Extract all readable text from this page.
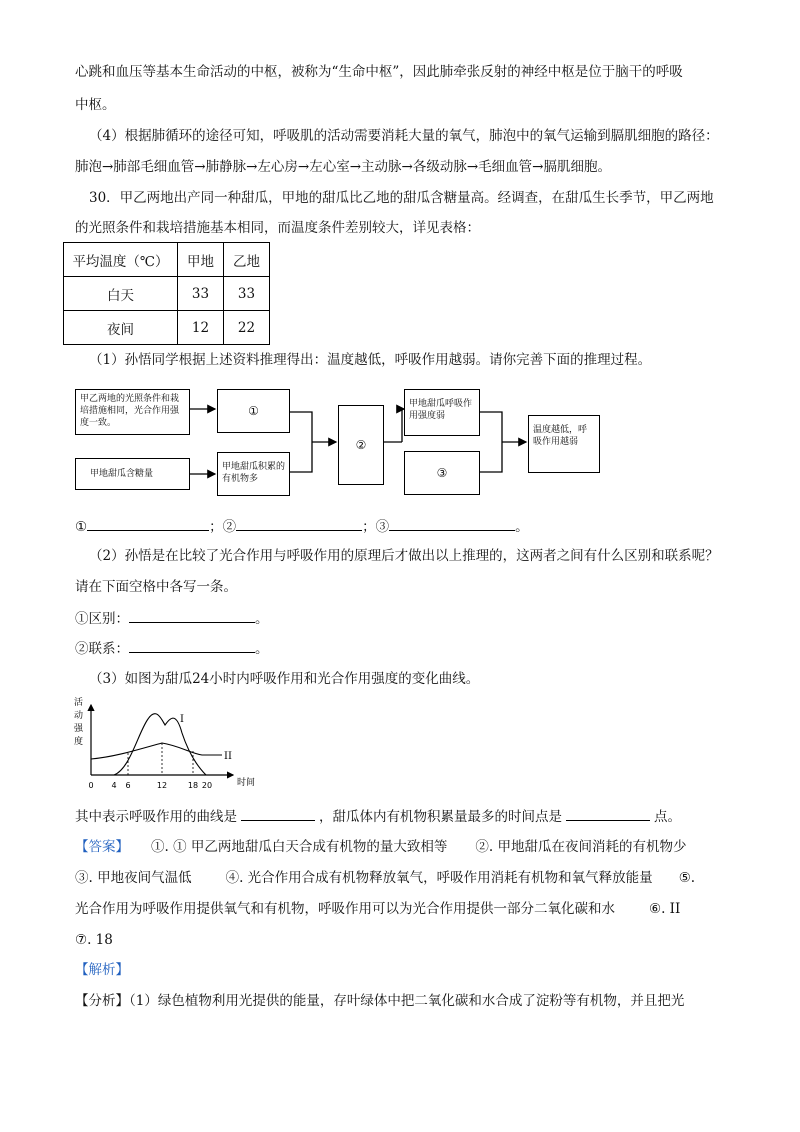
心跳和血压等基本生命活动的中枢，被称为“生命中枢”，因此肺牵张反射的神经中枢是位于脑干的呼吸
中枢。
（4）根据肺循环的途径可知，呼吸肌的活动需要消耗大量的氧气，肺泡中的氧气运输到膈肌细胞的路径：
肺泡→肺部毛细血管→肺静脉→左心房→左心室→主动脉→各级动脉→毛细血管→膈肌细胞。
30．甲乙两地出产同一种甜瓜，甲地的甜瓜比乙地的甜瓜含糖量高。经调查，在甜瓜生长季节，甲乙两地
的光照条件和栽培措施基本相同，而温度条件差别较大，详见表格：
平均温度（℃）	甲地	乙地
白天	33	33
夜间	12	22
（1）孙悟同学根据上述资料推理得出：温度越低，呼吸作用越弱。请你完善下面的推理过程。
甲乙两地的光照条件和栽培措施相同，光合作用强度一致。
甲地甜瓜含糖量
①
甲地甜瓜积累的有机物多
②
甲地甜瓜呼吸作用强度弱
③
温度越低，呼吸作用越弱
①	；②	；③	。
（2）孙悟是在比较了光合作用与呼吸作用的原理后才做出以上推理的，这两者之间有什么区别和联系呢？
请在下面空格中各写一条。
①区别：	。
②联系：	。
（3）如图为甜瓜24小时内呼吸作用和光合作用强度的变化曲线。
活
动
强
度
I
II
时间
0 4 6	12	18 20
其中表示呼吸作用的曲线是	，甜瓜体内有机物积累量最多的时间点是	点。
【答案】 ①. ① 甲乙两地甜瓜白天合成有机物的量大致相等 ②. 甲地甜瓜在夜间消耗的有机物少
③. 甲地夜间气温低	④. 光合作用合成有机物释放氧气，呼吸作用消耗有机物和氧气释放能量 ⑤.
光合作用为呼吸作用提供氧气和有机物，呼吸作用可以为光合作用提供一部分二氧化碳和水	⑥. II
⑦. 18
【解析】
【分析】（1）绿色植物利用光提供的能量，存叶绿体中把二氧化碳和水合成了淀粉等有机物，并且把光
